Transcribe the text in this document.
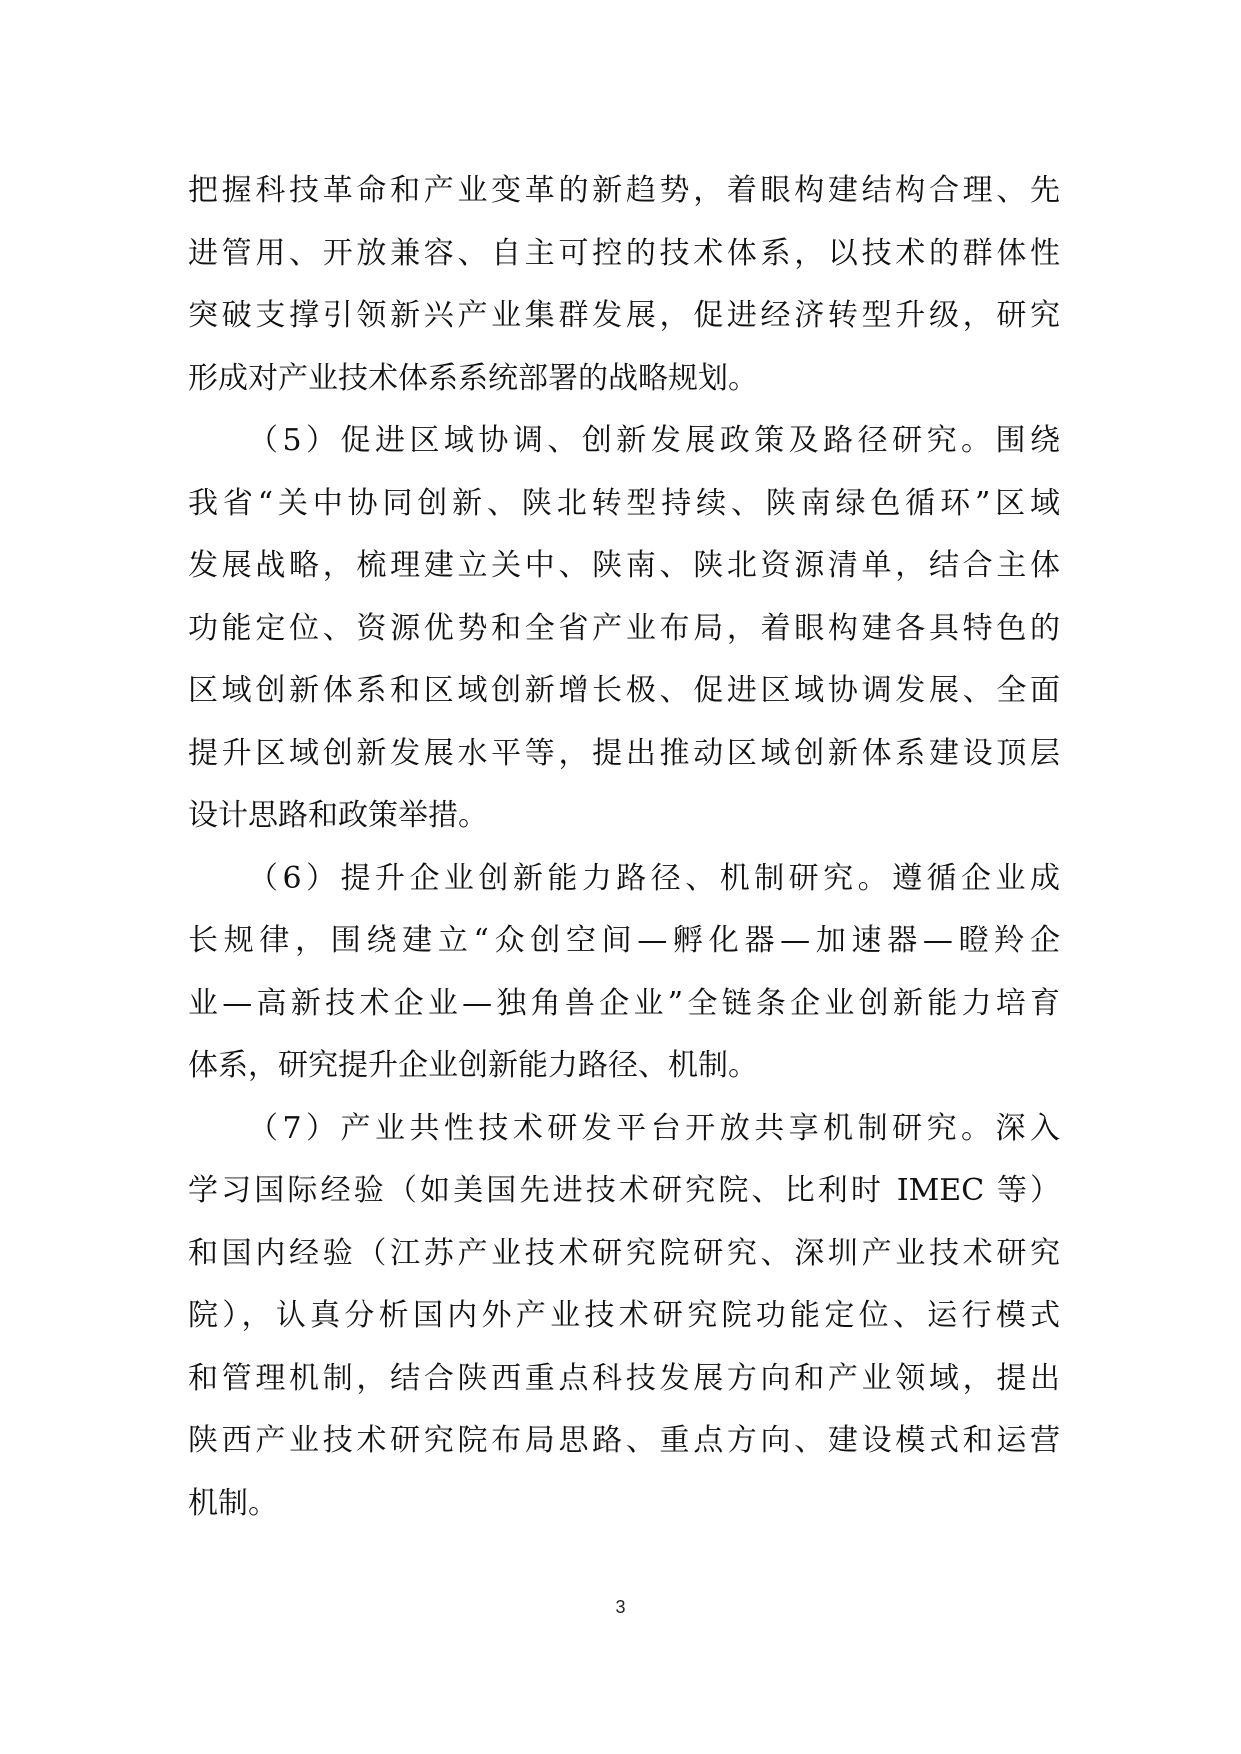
把握科技革命和产业变革的新趋势，着眼构建结构合理、先
进管用、开放兼容、自主可控的技术体系，以技术的群体性
突破支撑引领新兴产业集群发展，促进经济转型升级，研究
形成对产业技术体系系统部署的战略规划。
（5）促进区域协调、创新发展政策及路径研究。围绕
我省“关中协同创新、陕北转型持续、陕南绿色循环”区域
发展战略，梳理建立关中、陕南、陕北资源清单，结合主体
功能定位、资源优势和全省产业布局，着眼构建各具特色的
区域创新体系和区域创新增长极、促进区域协调发展、全面
提升区域创新发展水平等，提出推动区域创新体系建设顶层
设计思路和政策举措。
（6）提升企业创新能力路径、机制研究。遵循企业成
长规律，围绕建立“众创空间—孵化器—加速器—瞪羚企
业—高新技术企业—独角兽企业”全链条企业创新能力培育
体系，研究提升企业创新能力路径、机制。
（7）产业共性技术研发平台开放共享机制研究。深入
学习国际经验（如美国先进技术研究院、比利时 IMEC 等）
和国内经验（江苏产业技术研究院研究、深圳产业技术研究
院），认真分析国内外产业技术研究院功能定位、运行模式
和管理机制，结合陕西重点科技发展方向和产业领域，提出
陕西产业技术研究院布局思路、重点方向、建设模式和运营
机制。
3
